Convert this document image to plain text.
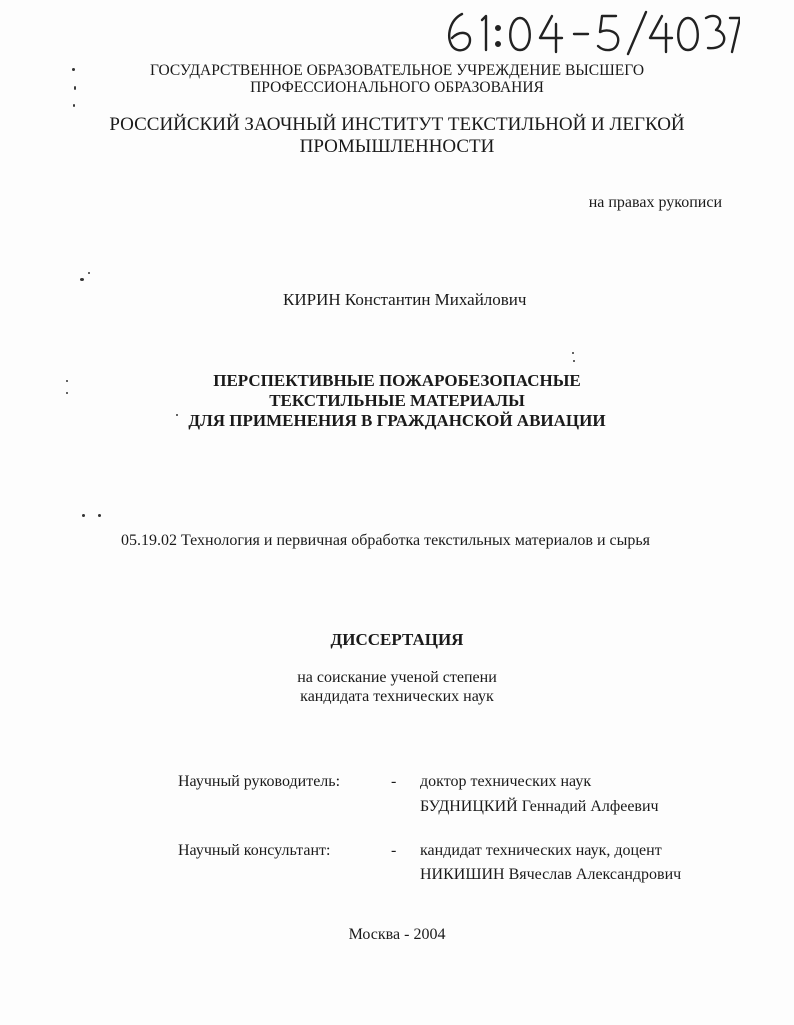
ГОСУДАРСТВЕННОЕ ОБРАЗОВАТЕЛЬНОЕ УЧРЕЖДЕНИЕ ВЫСШЕГО
ПРОФЕССИОНАЛЬНОГО ОБРАЗОВАНИЯ
РОССИЙСКИЙ ЗАОЧНЫЙ ИНСТИТУТ ТЕКСТИЛЬНОЙ И ЛЕГКОЙ
ПРОМЫШЛЕННОСТИ
на правах рукописи
КИРИН Константин Михайлович
ПЕРСПЕКТИВНЫЕ ПОЖАРОБЕЗОПАСНЫЕ
ТЕКСТИЛЬНЫЕ МАТЕРИАЛЫ
ДЛЯ ПРИМЕНЕНИЯ В ГРАЖДАНСКОЙ АВИАЦИИ
05.19.02 Технология и первичная обработка текстильных материалов и сырья
ДИССЕРТАЦИЯ
на соискание ученой степени
кандидата технических наук
Научный руководитель:	- доктор технических наук
БУДНИЦКИЙ Геннадий Алфеевич
Научный консультант:	- кандидат технических наук, доцент
НИКИШИН Вячеслав Александрович
Москва - 2004
